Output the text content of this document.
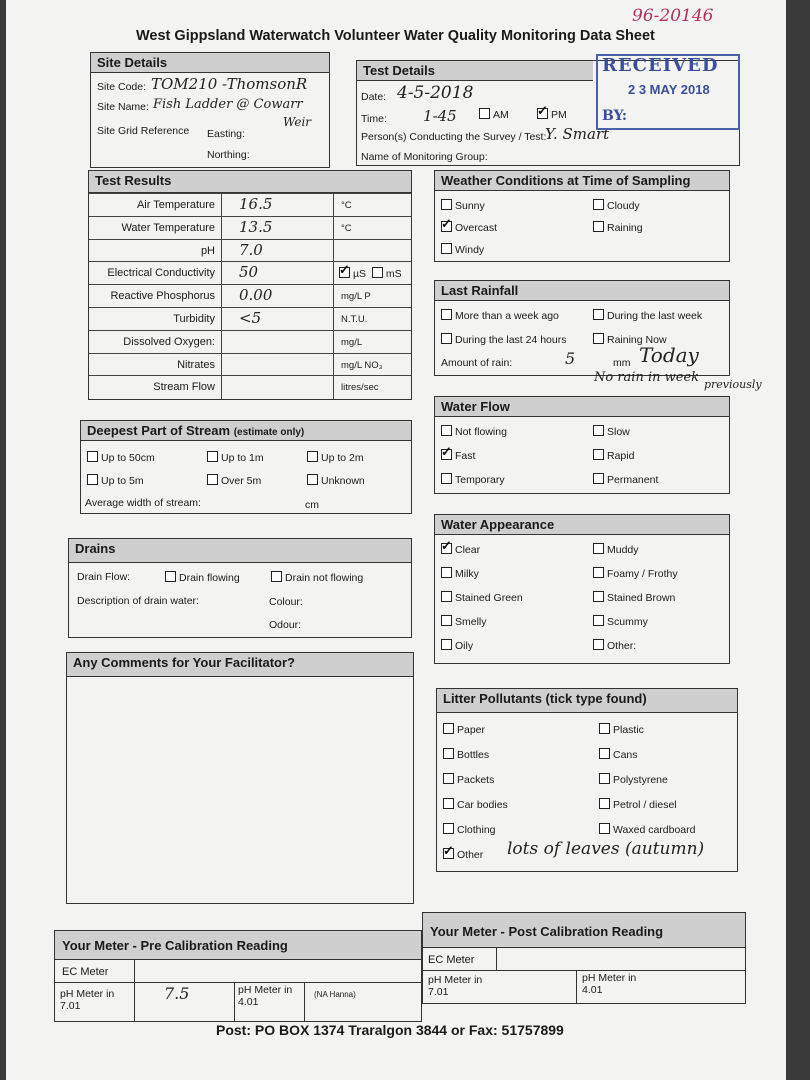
96-20146
West Gippsland Waterwatch Volunteer Water Quality Monitoring Data Sheet
Site Details
Site Code: TOM210 -ThomsonR
Site Name: Fish Ladder @ Cowarr
Weir
Site Grid Reference Easting:
Northing:
Test Details
Date: 4-5-2018
Time: 1-45	AM
✓	PM
Person(s) Conducting the Survey / Test:
Y. Smart
Name of Monitoring Group:
RECEIVED
2 3 MAY 2018
BY:
Test Results
Air Temperature 16.5	°C
Water Temperature 13.5	°C
pH 7.0
Electrical Conductivity 50
Reactive Phosphorus 0.00	mg/L P
Turbidity <5	N.T.U.
Dissolved Oxygen:	mg/L
Nitrates	mg/L NO₃
Stream Flow	litres/sec
✓µS mS
Weather Conditions at Time of Sampling
Sunny	Cloudy
✓Overcast	Raining
Windy
Last Rainfall
More than a week ago	During the last week
During the last 24 hours	Raining Now
Amount of rain:	5	mm Today
No rain in week previously
Water Flow
Not flowing	Slow
✓Fast	Rapid
Temporary	Permanent
Deepest Part of Stream (estimate only)
Up to 50cm	Up to 1m	Up to 2m
Up to 5m	Over 5m	Unknown
Average width of stream:	cm
Water Appearance
✓Clear	Muddy
Milky	Foamy / Frothy
Stained Green	Stained Brown
Smelly	Scummy
Oily	Other:
Drains
Drain Flow:	Drain flowing	Drain not flowing
Description of drain water:	Colour:
Odour:
Any Comments for Your Facilitator?
Litter Pollutants (tick type found)
Paper	Plastic
Bottles	Cans
Packets	Polystyrene
Car bodies	Petrol / diesel
Clothing	Waxed cardboard
✓Other lots of leaves (autumn)
Your Meter - Pre Calibration Reading
EC Meter
pH Meter in 7.01
7.5	pH Meter in 4.01
(NA Hanna)
Your Meter - Post Calibration Reading
EC Meter
pH Meter in 7.01
pH Meter in 4.01
Post: PO BOX 1374 Traralgon 3844 or Fax: 51757899
